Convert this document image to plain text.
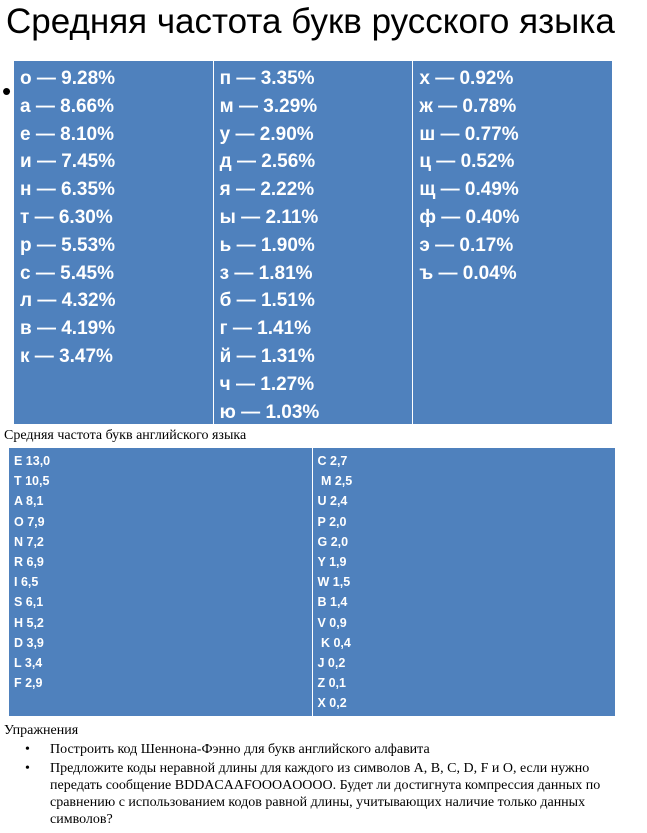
Средняя частота букв русского языка
• о — 9.28%
а — 8.66%
е — 8.10%
и — 7.45%
н — 6.35%
т — 6.30%
р — 5.53%
с — 5.45%
л — 4.32%
в — 4.19%
к — 3.47%
п — 3.35%
м — 3.29%
у — 2.90%
д — 2.56%
я — 2.22%
ы — 2.11%
ь — 1.90%
з — 1.81%
б — 1.51%
г — 1.41%
й — 1.31%
ч — 1.27%
ю — 1.03%
х — 0.92%
ж — 0.78%
ш — 0.77%
ц — 0.52%
щ — 0.49%
ф — 0.40%
э — 0.17%
ъ — 0.04%
Средняя частота букв английского языка
E 13,0
T 10,5
A 8,1
O 7,9
N 7,2
R 6,9
I 6,5
S 6,1
H 5,2
D 3,9
L 3,4
F 2,9
C 2,7
M 2,5
U 2,4
P 2,0
G 2,0
Y 1,9
W 1,5
B 1,4
V 0,9
K 0,4
J 0,2
Z 0,1
X 0,2
Упражнения
• Построить код Шеннона-Фэнно для букв английского алфавита
• Предложите коды неравной длины для каждого из символов А, В, С, D, F и О, если нужно передать сообщение BDDACAAFOOOAOOOO. Будет ли достигнута компрессия данных по сравнению с использованием кодов равной длины, учитывающих наличие только данных символов?
